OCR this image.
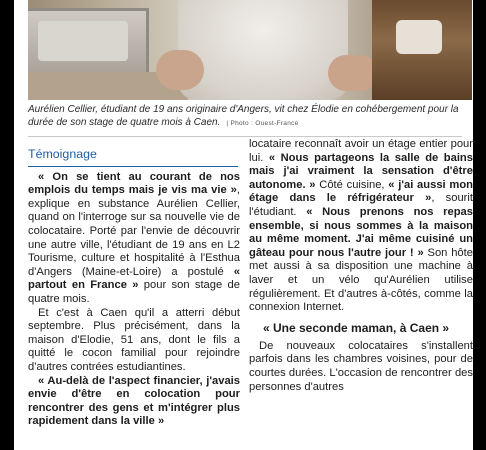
Aurélien Cellier, étudiant de 19 ans originaire d'Angers, vit chez Élodie en cohébergement pour la durée de son stage de quatre mois à Caen. | Photo : Ouest-France
Témoignage

« On se tient au courant de nos emplois du temps mais je vis ma vie », explique en substance Aurélien Cellier, quand on l'interroge sur sa nouvelle vie de colocataire. Porté par l'envie de découvrir une autre ville, l'étudiant de 19 ans en L2 Tourisme, culture et hospitalité à l'Esthua d'Angers (Maine-et-Loire) a postulé « partout en France » pour son stage de quatre mois.

Et c'est à Caen qu'il a atterri début septembre. Plus précisément, dans la maison d'Elodie, 51 ans, dont le fils a quitté le cocon familial pour rejoindre d'autres contrées estudiantines.

« Au-delà de l'aspect financier, j'avais envie d'être en colocation pour rencontrer des gens et m'intégrer plus rapidement dans la ville »

locataire reconnaît avoir un étage entier pour lui. « Nous partageons la salle de bains mais j'ai vraiment la sensation d'être autonome. » Côté cuisine, « j'ai aussi mon étage dans le réfrigérateur », sourit l'étudiant. « Nous prenons nos repas ensemble, si nous sommes à la maison au même moment. J'ai même cuisiné un gâteau pour nous l'autre jour ! » Son hôte met aussi à sa disposition une machine à laver et un vélo qu'Aurélien utilise régulièrement. Et d'autres à-côtés, comme la connexion Internet.

« Une seconde maman, à Caen »

De nouveaux colocataires s'installent parfois dans les chambres voisines, pour de courtes durées. L'occasion de rencontrer des personnes d'autres
